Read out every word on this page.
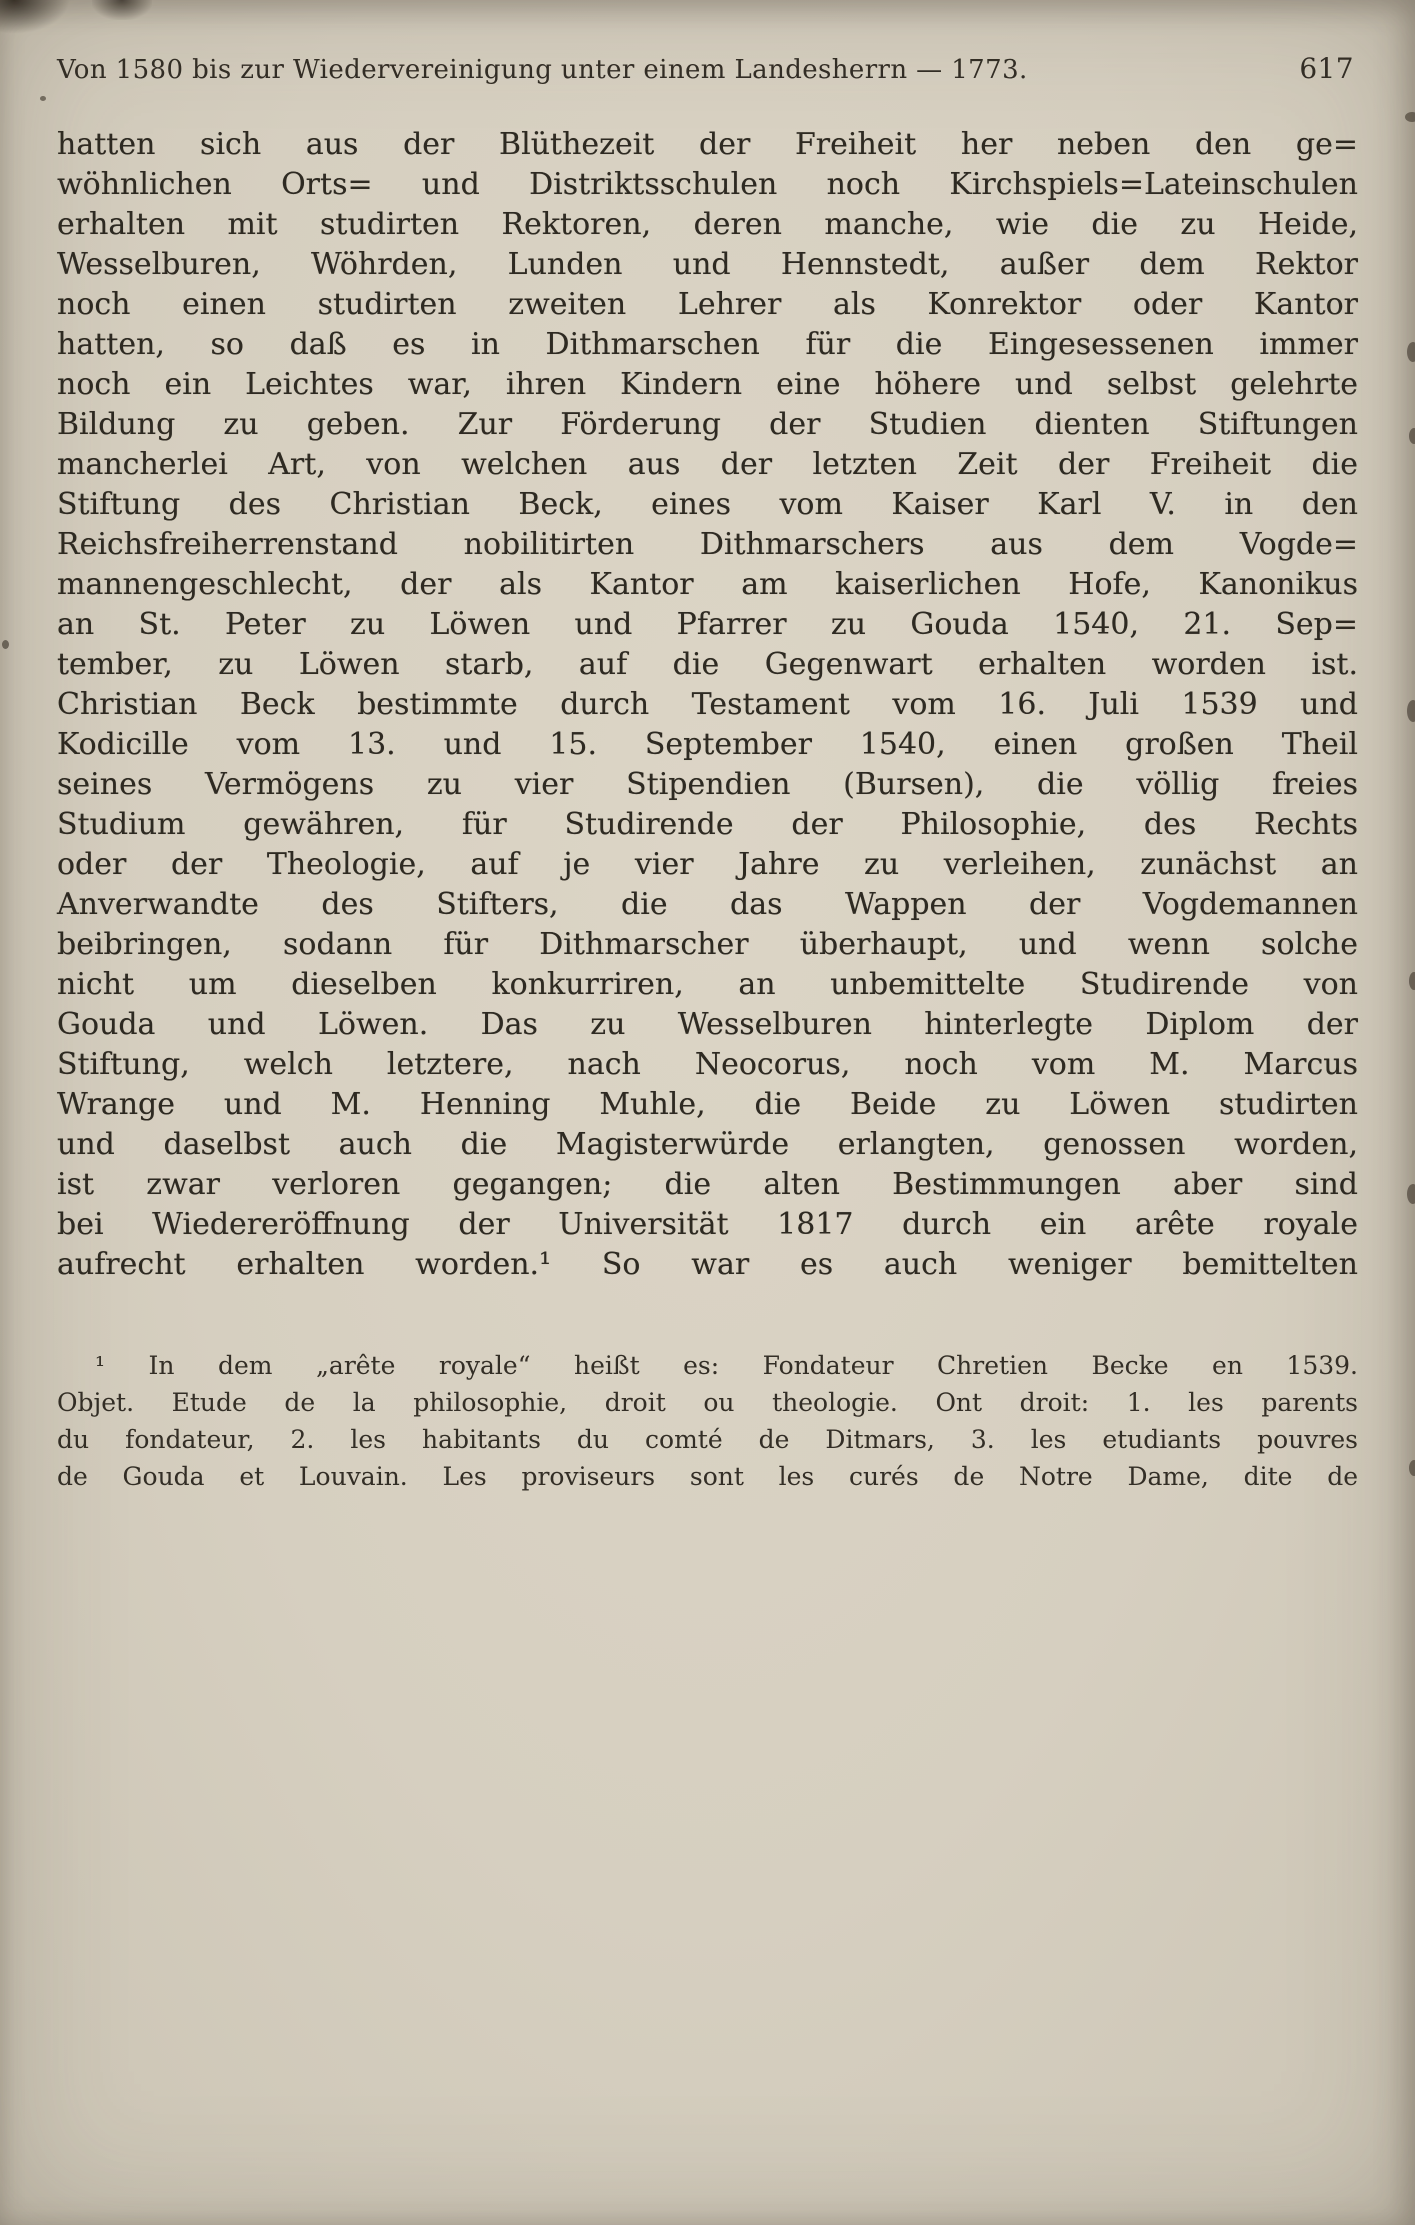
Von 1580 bis zur Wiedervereinigung unter einem Landesherrn — 1773.	617
hatten sich aus der Blüthezeit der Freiheit her neben den ge=
wöhnlichen Orts= und Distriktsschulen noch Kirchspiels=Lateinschulen
erhalten mit studirten Rektoren, deren manche, wie die zu Heide,
Wesselburen, Wöhrden, Lunden und Hennstedt, außer dem Rektor
noch einen studirten zweiten Lehrer als Konrektor oder Kantor
hatten, so daß es in Dithmarschen für die Eingesessenen immer
noch ein Leichtes war, ihren Kindern eine höhere und selbst gelehrte
Bildung zu geben. Zur Förderung der Studien dienten Stiftungen
mancherlei Art, von welchen aus der letzten Zeit der Freiheit die
Stiftung des Christian Beck, eines vom Kaiser Karl V. in den
Reichsfreiherrenstand nobilitirten Dithmarschers aus dem Vogde=
mannengeschlecht, der als Kantor am kaiserlichen Hofe, Kanonikus
an St. Peter zu Löwen und Pfarrer zu Gouda 1540, 21. Sep=
tember, zu Löwen starb, auf die Gegenwart erhalten worden ist.
Christian Beck bestimmte durch Testament vom 16. Juli 1539 und
Kodicille vom 13. und 15. September 1540, einen großen Theil
seines Vermögens zu vier Stipendien (Bursen), die völlig freies
Studium gewähren, für Studirende der Philosophie, des Rechts
oder der Theologie, auf je vier Jahre zu verleihen, zunächst an
Anverwandte des Stifters, die das Wappen der Vogdemannen
beibringen, sodann für Dithmarscher überhaupt, und wenn solche
nicht um dieselben konkurriren, an unbemittelte Studirende von
Gouda und Löwen. Das zu Wesselburen hinterlegte Diplom der
Stiftung, welch letztere, nach Neocorus, noch vom M. Marcus
Wrange und M. Henning Muhle, die Beide zu Löwen studirten
und daselbst auch die Magisterwürde erlangten, genossen worden,
ist zwar verloren gegangen; die alten Bestimmungen aber sind
bei Wiedereröffnung der Universität 1817 durch ein arête royale
aufrecht erhalten worden.¹ So war es auch weniger bemittelten
¹ In dem „arête royale“ heißt es: Fondateur Chretien Becke en 1539.
Objet. Etude de la philosophie, droit ou theologie. Ont droit: 1. les parents
du fondateur, 2. les habitants du comté de Ditmars, 3. les etudiants pouvres
de Gouda et Louvain. Les proviseurs sont les curés de Notre Dame, dite de
